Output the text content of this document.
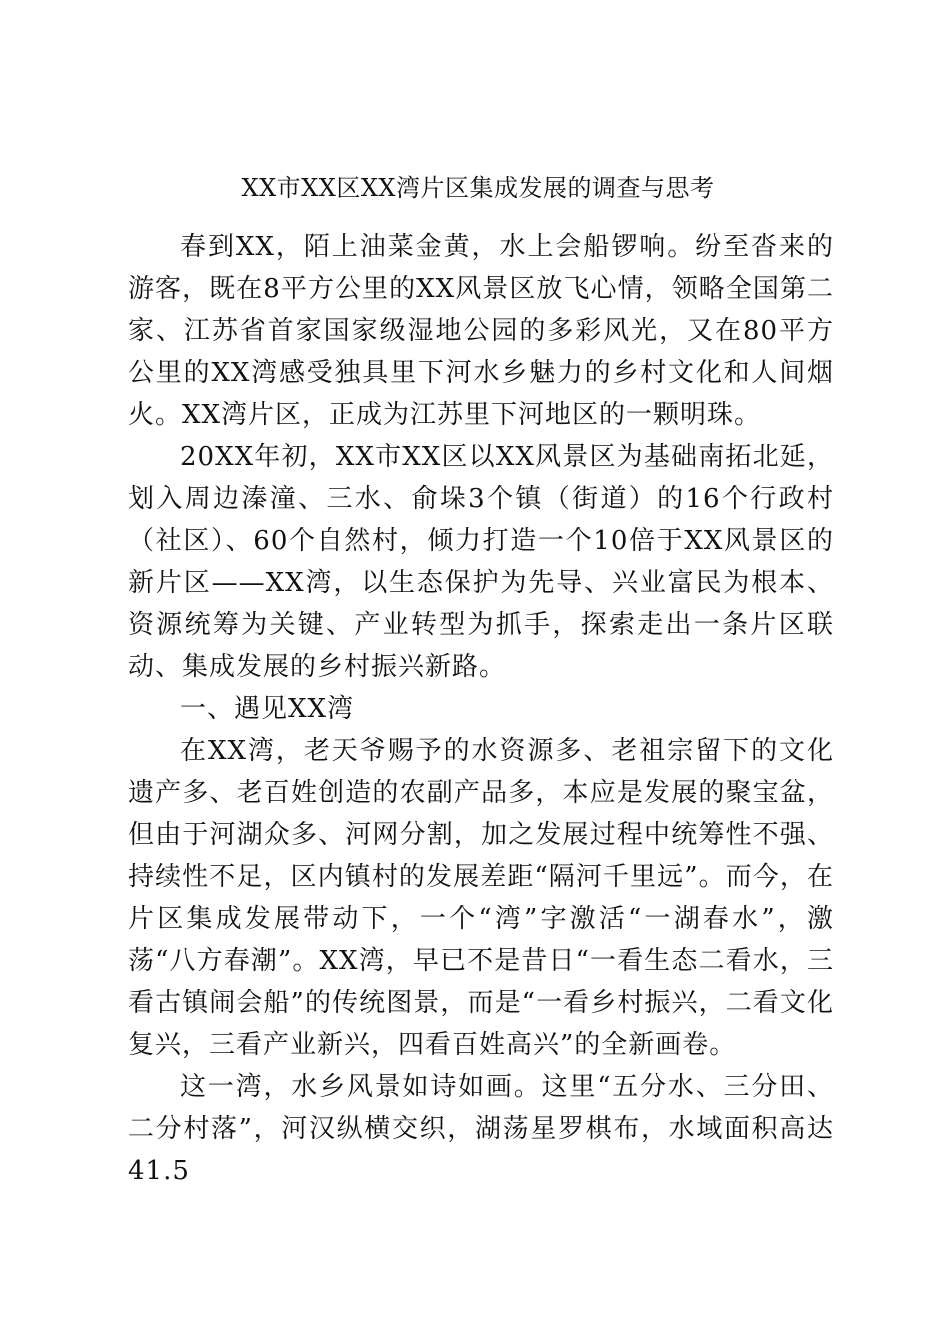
XX市XX区XX湾片区集成发展的调查与思考

春到XX，陌上油菜金黄，水上会船锣响。纷至沓来的游客，既在8平方公里的XX风景区放飞心情，领略全国第二家、江苏省首家国家级湿地公园的多彩风光，又在80平方公里的XX湾感受独具里下河水乡魅力的乡村文化和人间烟火。XX湾片区，正成为江苏里下河地区的一颗明珠。

20XX年初，XX市XX区以XX风景区为基础南拓北延，划入周边溱潼、三水、俞垛3个镇（街道）的16个行政村（社区）、60个自然村，倾力打造一个10倍于XX风景区的新片区——XX湾，以生态保护为先导、兴业富民为根本、资源统筹为关键、产业转型为抓手，探索走出一条片区联动、集成发展的乡村振兴新路。

一、遇见XX湾

在XX湾，老天爷赐予的水资源多、老祖宗留下的文化遗产多、老百姓创造的农副产品多，本应是发展的聚宝盆，但由于河湖众多、河网分割，加之发展过程中统筹性不强、持续性不足，区内镇村的发展差距“隔河千里远”。而今，在片区集成发展带动下，一个“湾”字激活“一湖春水”，激荡“八方春潮”。XX湾，早已不是昔日“一看生态二看水，三看古镇闹会船”的传统图景，而是“一看乡村振兴，二看文化复兴，三看产业新兴，四看百姓高兴”的全新画卷。

这一湾，水乡风景如诗如画。这里“五分水、三分田、二分村落”，河汉纵横交织，湖荡星罗棋布，水域面积高达41.5
